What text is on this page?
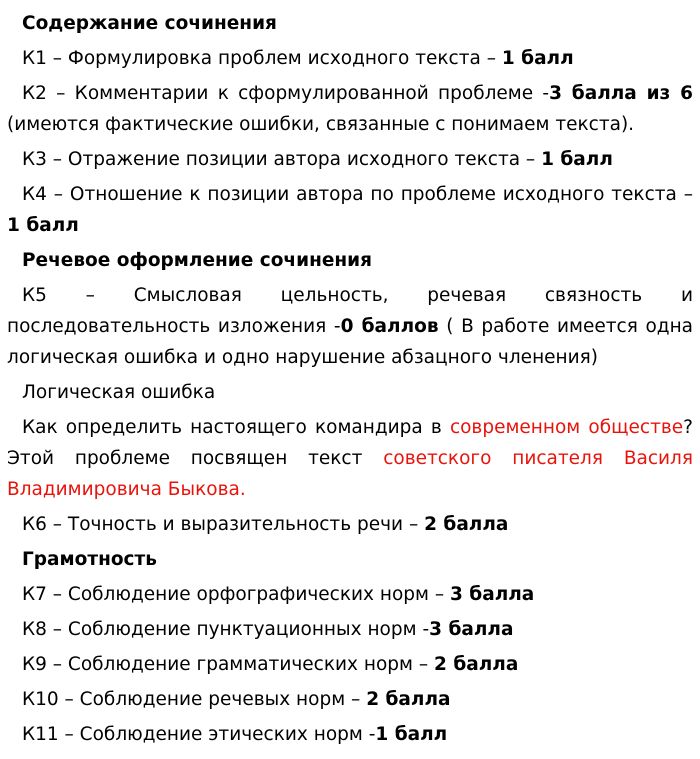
Содержание сочинения
К1 – Формулировка проблем исходного текста – 1 балл
К2 – Комментарии к сформулированной проблеме -3 балла из 6
(имеются фактические ошибки, связанные с понимаем текста).
К3 – Отражение позиции автора исходного текста – 1 балл
К4 – Отношение к позиции автора по проблеме исходного текста –
1 балл
Речевое оформление сочинения
К5 – Смысловая цельность, речевая связность и
последовательность изложения -0 баллов ( В работе имеется одна
логическая ошибка и одно нарушение абзацного членения)
Логическая ошибка
Как определить настоящего командира в современном обществе?
Этой проблеме посвящен текст советского писателя Василя
Владимировича Быкова.
К6 – Точность и выразительность речи – 2 балла
Грамотность
К7 – Соблюдение орфографических норм – 3 балла
К8 – Соблюдение пунктуационных норм -3 балла
К9 – Соблюдение грамматических норм – 2 балла
К10 – Соблюдение речевых норм – 2 балла
К11 – Соблюдение этических норм -1 балл
